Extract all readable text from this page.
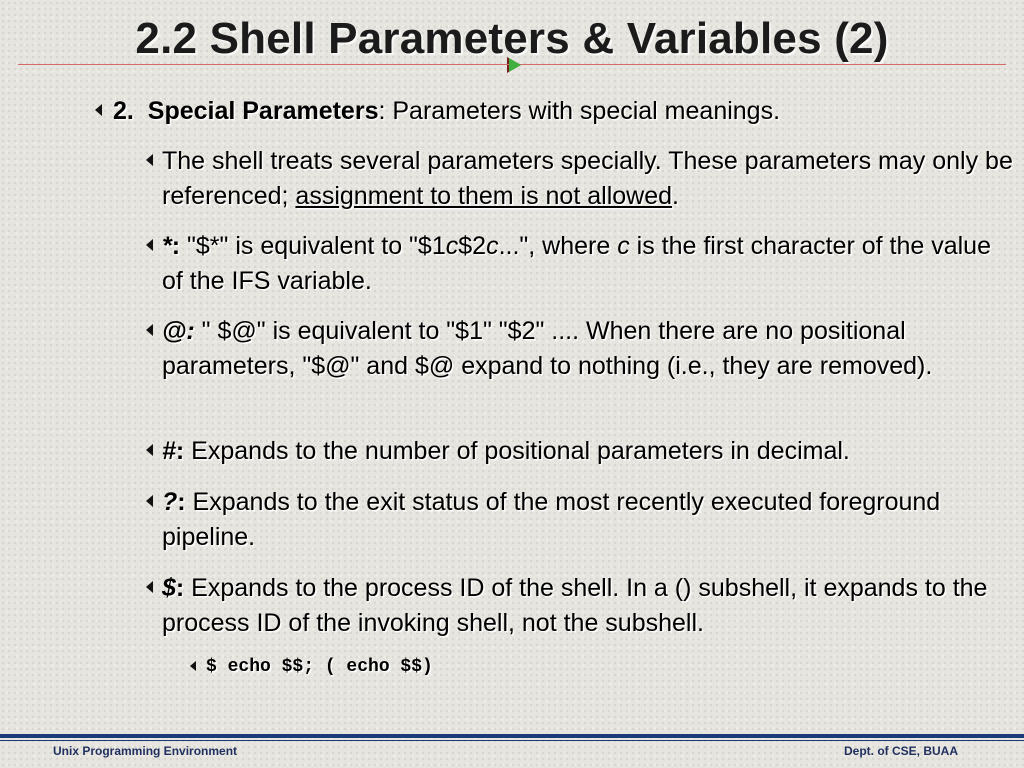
2.2 Shell Parameters & Variables (2)
2. Special Parameters: Parameters with special meanings.
The shell treats several parameters specially. These parameters may only be referenced; assignment to them is not allowed.
*: "$*" is equivalent to "$1c$2c...", where c is the first character of the value of the IFS variable.
@: " $@" is equivalent to "$1" "$2" .... When there are no positional parameters, "$@" and $@ expand to nothing (i.e., they are removed).
#: Expands to the number of positional parameters in decimal.
?: Expands to the exit status of the most recently executed foreground pipeline.
$: Expands to the process ID of the shell. In a () subshell, it expands to the process ID of the invoking shell, not the subshell.
$ echo $$; ( echo $$)
Unix Programming Environment	Dept. of CSE, BUAA
